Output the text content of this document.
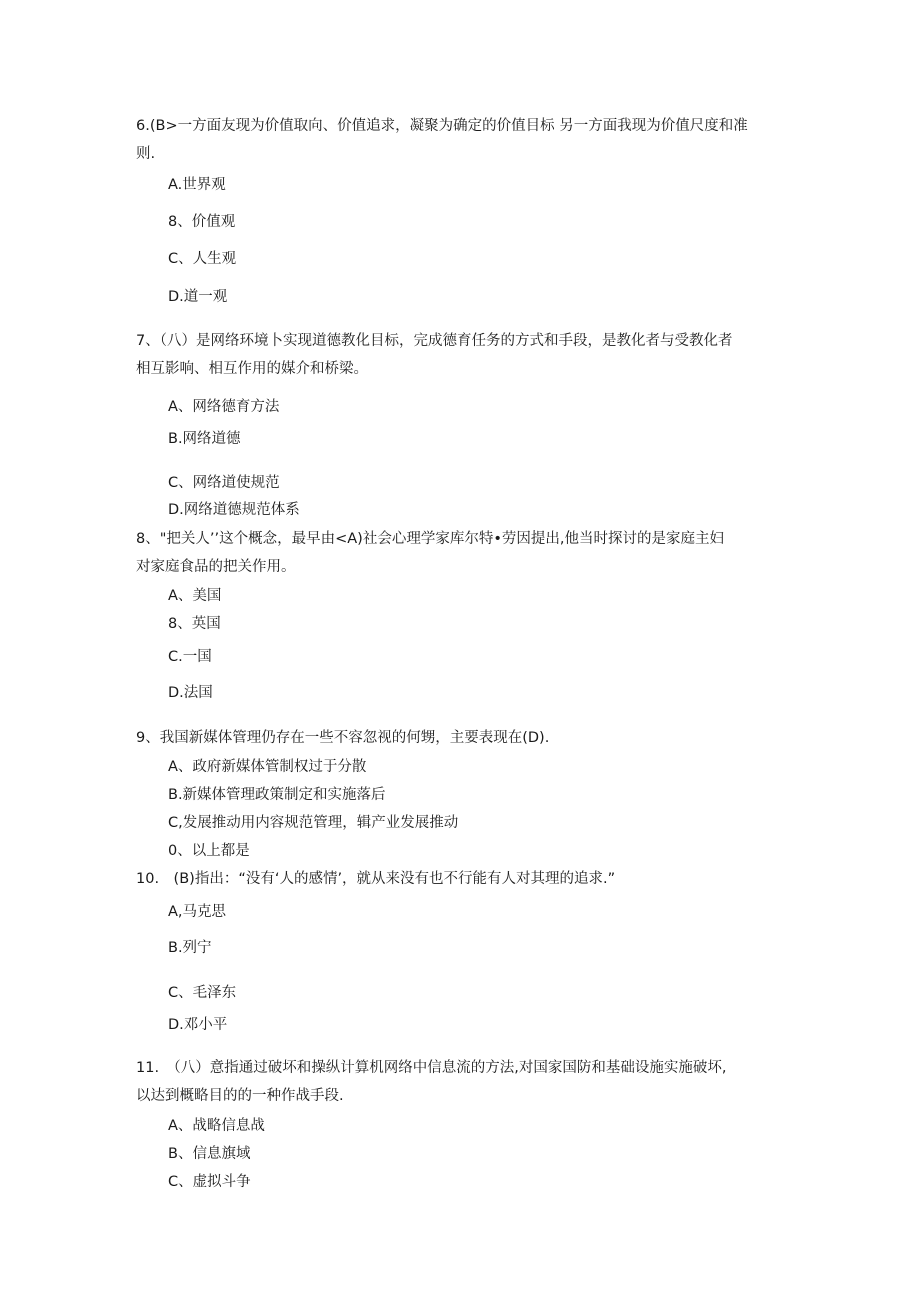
6.(B>一方面友现为价值取向、价值追求，凝聚为确定的价值目标 另一方面我现为价值尺度和准
则.
A.世界观
8、价值观
C、人生观
D.道一观
7、（八）是网络环境卜实现道德教化目标，完成德育任务的方式和手段，是教化者与受教化者
相互影响、相互作用的媒介和桥梁。
A、网络德育方法
B.网络道德
C、网络道使规范
D.网络道德规范体系
8、"把关人’’这个概念，最早由<A)社会心理学家库尔特•劳因提出,他当时探讨的是家庭主妇
对家庭食品的把关作用。
A、美国
8、英国
C.一国
D.法国
9、我国新媒体管理仍存在一些不容忽视的何甥，主要表现在(D).
A、政府新媒体管制权过于分散
B.新媒体管理政策制定和实施落后
C,发展推动用内容规范管理，辑产业发展推动
0、以上都是
10.　(B)指出：“没有‘人的感情’，就从来没有也不行能有人对其理的追求.”
A,马克思
B.列宁
C、毛泽东
D.邓小平
11.　（八）意指通过破坏和操纵计算机网络中信息流的方法,对国家国防和基础设施实施破坏,
以达到概略目的的一种作战手段.
A、战略信息战
B、信息旗域
C、虚拟斗争
